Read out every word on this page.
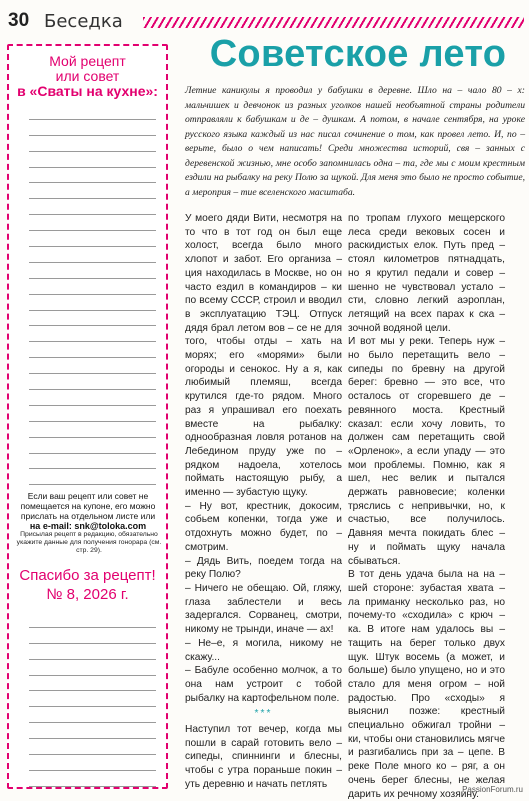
30 Беседка
Мой рецепт
или совет
в «Сваты на кухне»:
Если ваш рецепт или совет не помещается на купоне, его можно прислать на отдельном листе или
на e-mail: snk@toloka.com
Присылая рецепт в редакцию, обязательно укажите данные для получения гонорара (см. стр. 29).
Спасибо за рецепт!
№ 8, 2026 г.
Советское лето
Летние каникулы я проводил у бабушки в деревне. Шло на – чало 80 – х: мальчишек и девчонок из разных уголков нашей необъятной страны родители отправляли к бабушкам и де – душкам. А потом, в начале сентября, на уроке русского языка каждый из нас писал сочинение о том, как провел лето. И, по – верьте, было о чем написать! Среди множества историй, свя – занных с деревенской жизнью, мне особо запомнилась одна – та, где мы с моим крестным ездили на рыбалку на реку Полю за щукой. Для меня это было не просто событие, а мероприя – тие вселенского масштаба.

У моего дяди Вити, несмотря на то что в тот год он был еще холост, всегда было много хлопот и забот. Его организа – ция находилась в Москве, но он часто ездил в командиров – ки по всему СССР, строил и вводил в эксплуатацию ТЭЦ. Отпуск дядя брал летом вов – се не для того, чтобы отды – хать на морях; его «морями» были огороды и сенокос. Ну а я, как любимый племяш, всегда крутился где-то рядом. Много раз я упрашивал его поехать вместе на рыбалку: однообразная ловля ротанов на Лебедином пруду уже по – рядком надоела, хотелось поймать настоящую рыбу, а именно — зубастую щуку.

– Ну вот, крестник, докосим, собьем копенки, тогда уже и отдохнуть можно будет, по – смотрим.

– Дядь Вить, поедем тогда на реку Полю?

– Ничего не обещаю. Ой, гляжу, глаза заблестели и весь задергался. Сорванец, смотри, никому не трынди, иначе — ах!

– Не–е, я могила, никому не скажу...

– Бабуле особенно молчок, а то она нам устроит с тобой рыбалку на картофельном поле.

***

Наступил тот вечер, когда мы пошли в сарай готовить вело – сипеды, спиннинги и блесны, чтобы с утра пораньше покин – уть деревню и начать петлять

по тропам глухого мещерского леса среди вековых сосен и раскидистых елок. Путь пред – стоял километров пятнадцать, но я крутил педали и совер – шенно не чувствовал устало – сти, словно легкий аэроплан, летящий на всех парах к ска – зочной водяной цели.

И вот мы у реки. Теперь нуж – но было перетащить вело – сипеды по бревну на другой берег: бревно — это все, что осталось от сгоревшего де – ревянного моста. Крестный сказал: если хочу ловить, то должен сам перетащить свой «Орленок», а если упаду — это мои проблемы. Помню, как я шел, нес велик и пытался держать равновесие; коленки тряслись с непривычки, но, к счастью, все получилось. Давняя мечта покидать блес – ну и поймать щуку начала сбываться.

В тот день удача была на на – шей стороне: зубастая хвата – ла приманку несколько раз, но почему-то «сходила» с крюч – ка. В итоге нам удалось вы – тащить на берег только двух щук. Штук восемь (а может, и больше) было упущено, но и это стало для меня огром – ной радостью. Про «сходы» я выяснил позже: крестный специально обжигал тройни – ки, чтобы они становились мягче и разгибались при за – цепе. В реке Поле много ко – ряг, а он очень берег блесны, не желая дарить их речному хозяину.

PassionForum.ru
